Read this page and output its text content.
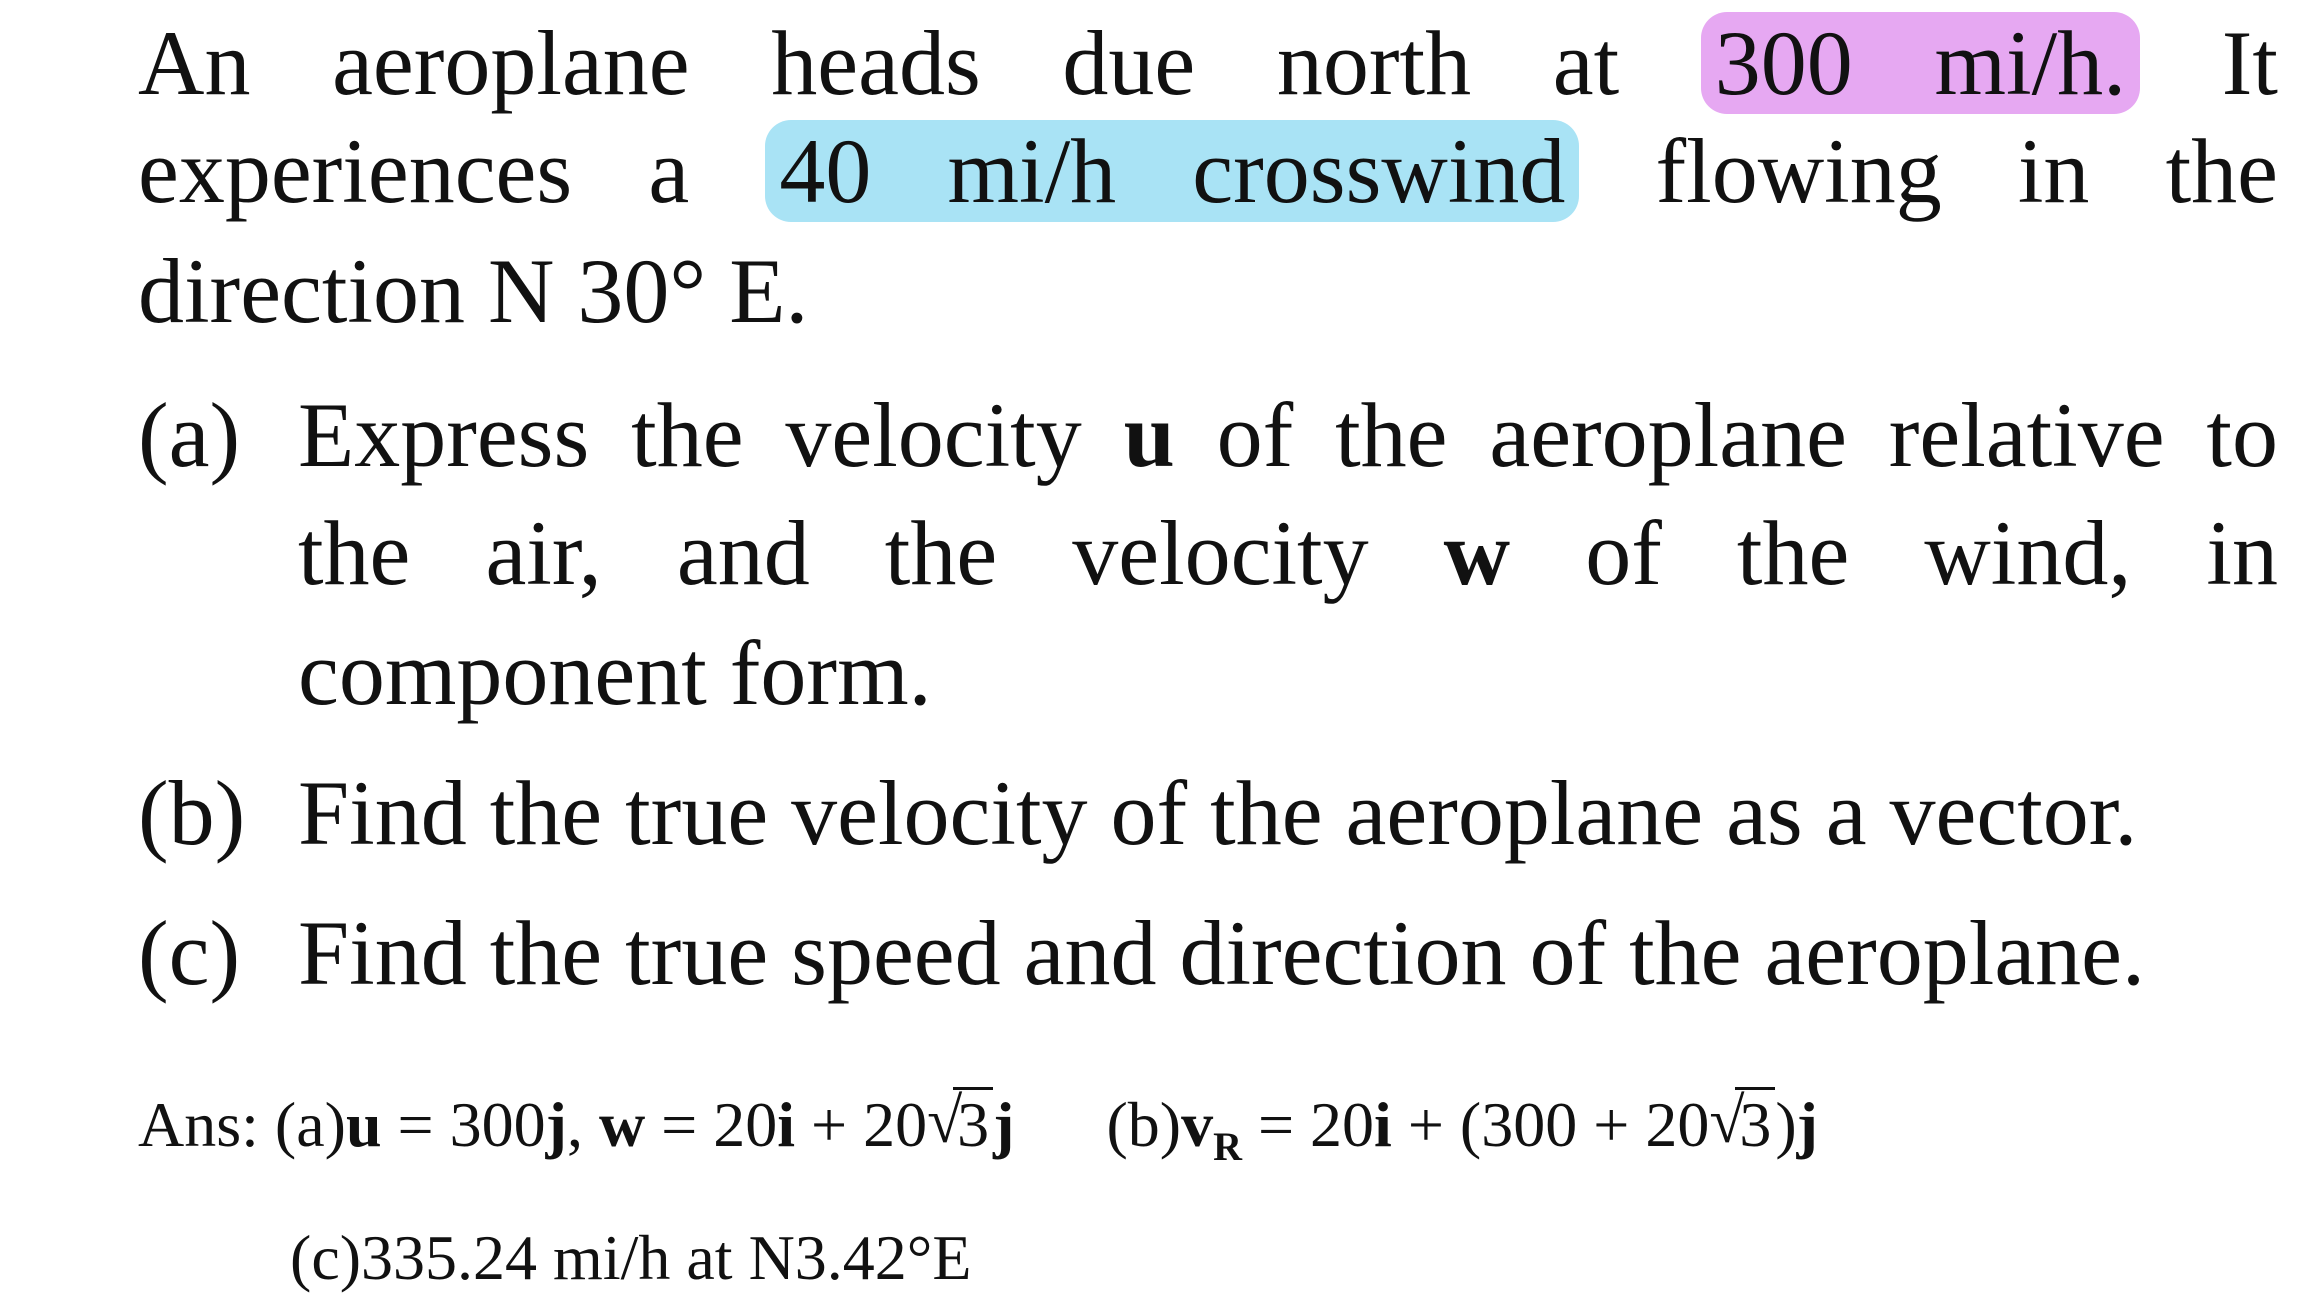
An aeroplane heads due north at 300 mi/h. It
experiences a 40 mi/h crosswind flowing in the
direction N 30° E.
(a) Express the velocity u of the aeroplane relative to
the air, and the velocity w of the wind, in
component form.
(b) Find the true velocity of the aeroplane as a vector.
(c) Find the true speed and direction of the aeroplane.
Ans: (a)u = 300j, w = 20i + 20√ 3j $(b)v_R = 20i + (300 + 20√$ 3)j
(c)335.24 mi/h at N3.42°E
